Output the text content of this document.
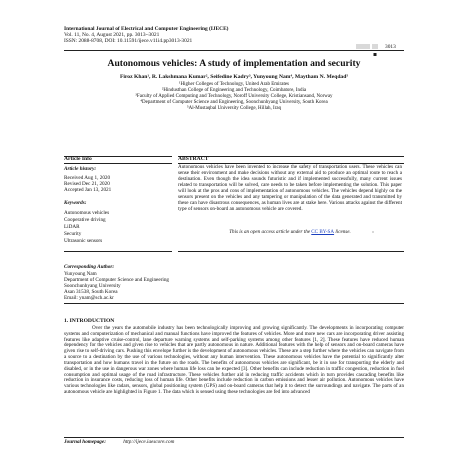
International Journal of Electrical and Computer Engineering (IJECE)
Vol. 11, No. 4, August 2021, pp. 3013~3021
ISSN: 2088-8708, DOI: 10.11591/ijece.v11i4.pp3013-3021
3013
Autonomous vehicles: A study of implementation and security
Firoz Khan¹, R. Lakshmana Kumar², Seifedine Kadry³, Yunyoung Nam⁴, Maytham N. Meqdad⁵
¹Higher Colleges of Technology, United Arab Emirates
²Hindusthan College of Engineering and Technology, Coimbatore, India
³Faculty of Applied Computing and Technology, Noroff University College, Kristiansand, Norway
⁴Department of Computer Science and Engineering, Soonchunhyang University, South Korea
⁵Al-Mustaqbal University College, Hillah, Iraq
Article Info	ABSTRACT
Article history:
Received Aug 1, 2020
Revised Dec 21, 2020
Accepted Jan 13, 2021
Keywords:
Autonomous vehicles
Cooperative driving
LiDAR
Security
Ultrasonic sensors
Autonomous vehicles have been invented to increase the safety of transportation users. These vehicles can sense their environment and make decisions without any external aid to produce an optimal route to reach a destination. Even though the idea sounds futuristic and if implemented successfully, many current issues related to transportation will be solved, care needs to be taken before implementing the solution. This paper will look at the pros and cons of implementation of autonomous vehicles. The vehicles depend highly on the sensors present on the vehicles and any tampering or manipulation of the data generated and transmitted by these can have disastrous consequences, as human lives are at stake here. Various attacks against the different type of sensors on-board an autonomous vehicle are covered.
This is an open access article under the CC BY-SA license.
Corresponding Author:
Yunyoung Nam
Department of Computer Science and Engineering
Soonchunhyang University
Asan 31538, South Korea
Email: ynam@sch.ac.kr
1. INTRODUCTION
Over the years the automobile industry has been technologically improving and growing significantly. The developments in incorporating computer systems and computerization of mechanical and manual functions have improved the features of vehicles. More and more new cars are incorporating driver assisting features like adaptive cruise-control, lane departure warning systems and self-parking systems among other features [1, 2]. These features have reduced human dependency for the vehicles and given rise to vehicles that are partly autonomous in nature. Additional features with the help of sensors and on-board cameras have given rise to self-driving cars. Pushing this envelope further is the development of autonomous vehicles. These are a step further where the vehicles can navigate from a source to a destination by the use of various technologies, without any human intervention. These autonomous vehicles have the potential to significantly alter transportation and how humans travel in the future on the roads. The benefits of autonomous vehicles are significant, be it in use for transporting the elderly and disabled, or in the use in dangerous war zones where human life loss can be expected [3]. Other benefits can include reduction in traffic congestion, reduction in fuel consumption and optimal usage of the road infrastructure. These vehicles further aid in reducing traffic accidents which in turn provides cascading benefits like reduction in insurance costs, reducing loss of human life. Other benefits include reduction in carbon emissions and lesser air pollution. Autonomous vehicles have various technologies like radars, sensors, global positioning system (GPS) and on-board cameras that help it to detect the surroundings and navigate. The parts of an autonomous vehicle are highlighted in Figure 1. The data which is sensed using these technologies are fed into advanced
Journal homepage:	http://ijece.iaescore.com
